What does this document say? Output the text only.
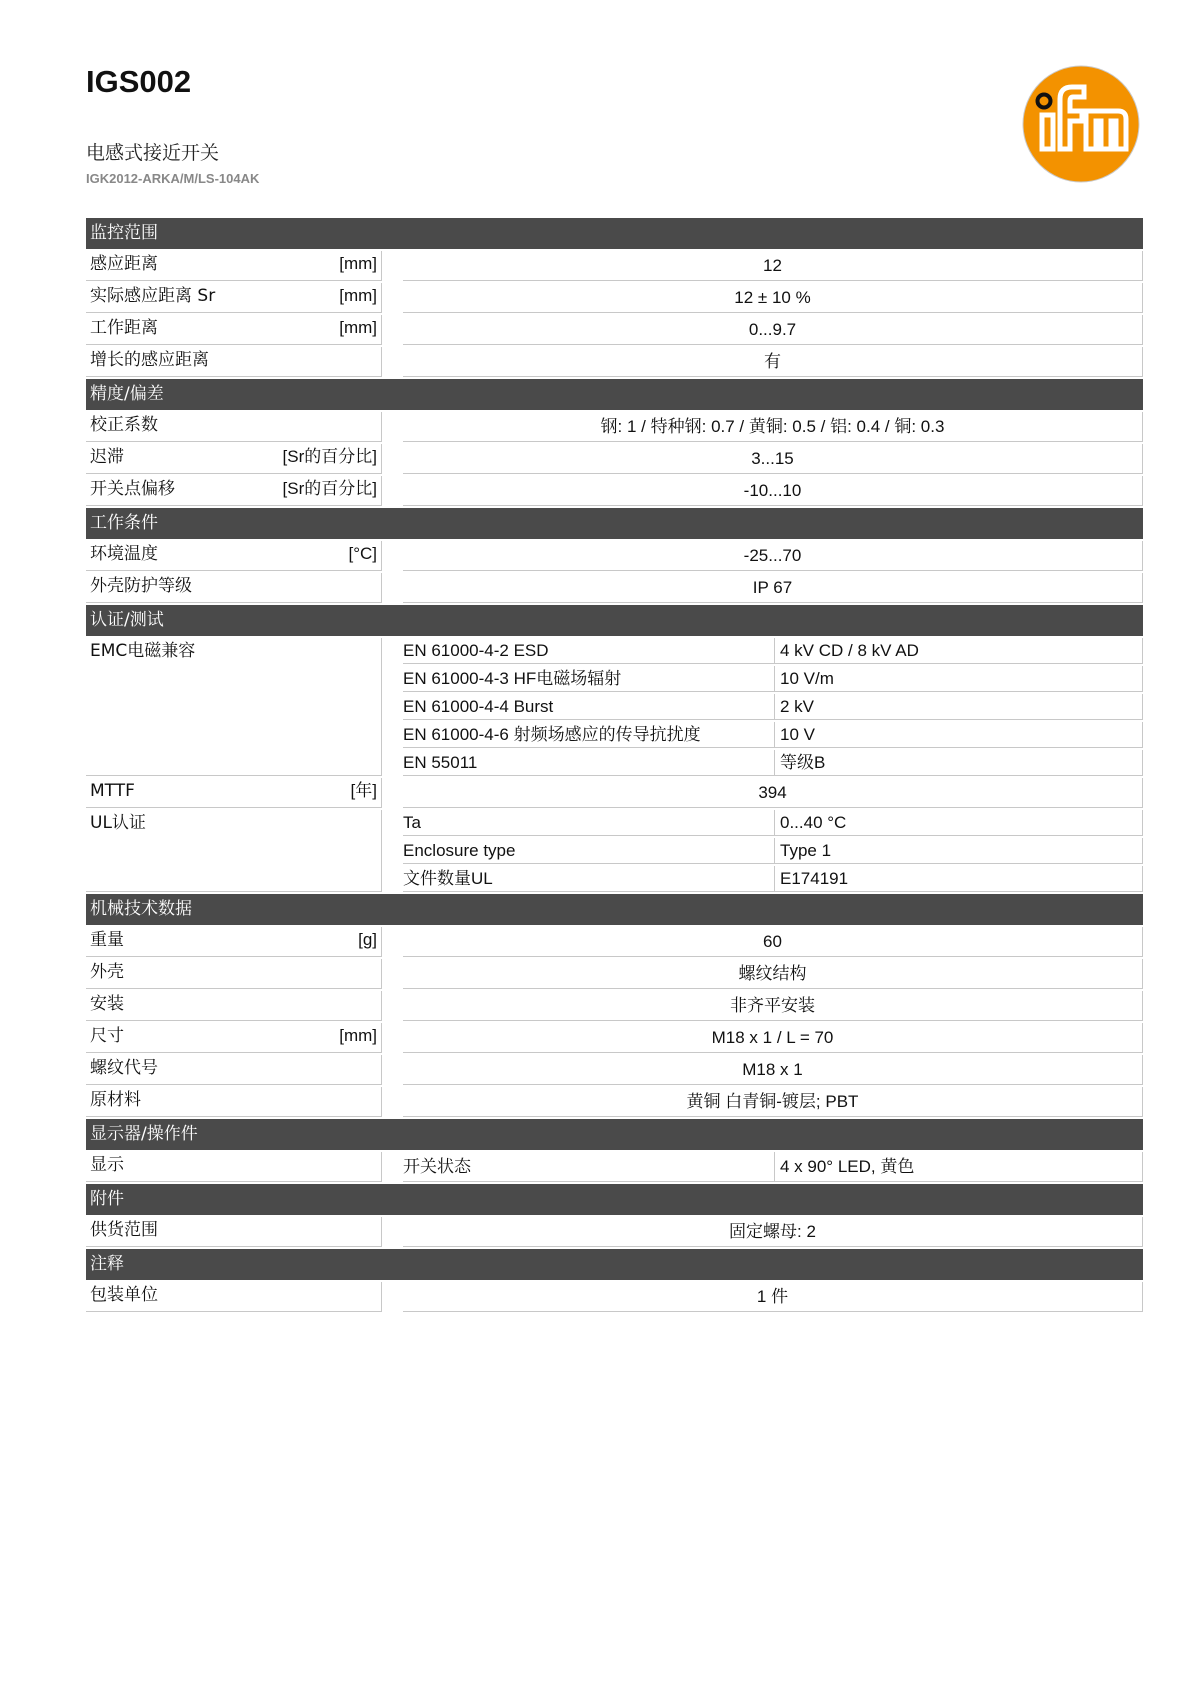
IGS002
电感式接近开关
IGK2012-ARKA/M/LS-104AK
监控范围
感应距离	[mm]	12
实际感应距离 Sr	[mm]	12 ± 10 %
工作距离	[mm]	0...9.7
增长的感应距离	有
精度/偏差
校正系数	钢: 1 / 特种钢: 0.7 / 黄铜: 0.5 / 铝: 0.4 / 铜: 0.3
迟滞	[Sr的百分比]	3...15
开关点偏移	[Sr的百分比]	-10...10
工作条件
环境温度	[°C]	-25...70
外壳防护等级	IP 67
认证/测试
EMC电磁兼容	EN 61000-4-2 ESD	4 kV CD / 8 kV AD
EN 61000-4-3 HF电磁场辐射	10 V/m
EN 61000-4-4 Burst	2 kV
EN 61000-4-6 射频场感应的传导抗扰度	10 V
EN 55011	等级B
MTTF	[年]	394
UL认证	Ta	0...40 °C
Enclosure type	Type 1
文件数量UL	E174191
机械技术数据
重量	[g]	60
外壳	螺纹结构
安装	非齐平安装
尺寸	[mm]	M18 x 1 / L = 70
螺纹代号	M18 x 1
原材料	黄铜 白青铜-镀层; PBT
显示器/操作件
显示	开关状态	4 x 90° LED, 黄色
附件
供货范围	固定螺母: 2
注释
包装单位	1 件
